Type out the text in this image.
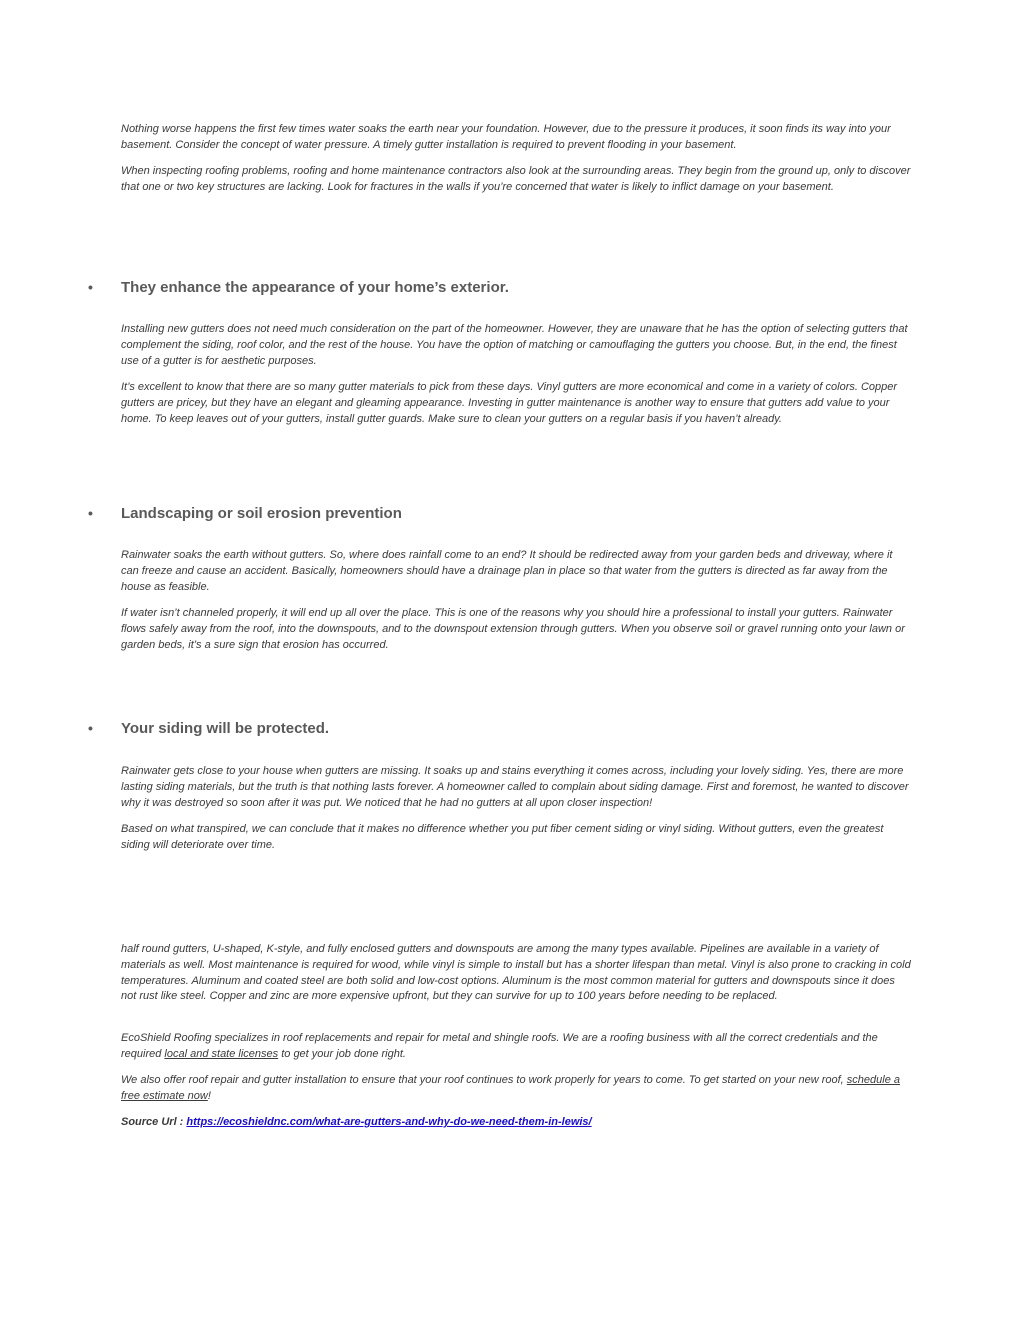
Nothing worse happens the first few times water soaks the earth near your foundation. However, due to the pressure it produces, it soon finds its way into your basement. Consider the concept of water pressure. A timely gutter installation is required to prevent flooding in your basement.

When inspecting roofing problems, roofing and home maintenance contractors also look at the surrounding areas. They begin from the ground up, only to discover that one or two key structures are lacking. Look for fractures in the walls if you’re concerned that water is likely to inflict damage on your basement.

• They enhance the appearance of your home’s exterior.

Installing new gutters does not need much consideration on the part of the homeowner. However, they are unaware that he has the option of selecting gutters that complement the siding, roof color, and the rest of the house. You have the option of matching or camouflaging the gutters you choose. But, in the end, the finest use of a gutter is for aesthetic purposes.

It’s excellent to know that there are so many gutter materials to pick from these days. Vinyl gutters are more economical and come in a variety of colors. Copper gutters are pricey, but they have an elegant and gleaming appearance. Investing in gutter maintenance is another way to ensure that gutters add value to your home. To keep leaves out of your gutters, install gutter guards. Make sure to clean your gutters on a regular basis if you haven’t already.

• Landscaping or soil erosion prevention

Rainwater soaks the earth without gutters. So, where does rainfall come to an end? It should be redirected away from your garden beds and driveway, where it can freeze and cause an accident. Basically, homeowners should have a drainage plan in place so that water from the gutters is directed as far away from the house as feasible.

If water isn’t channeled properly, it will end up all over the place. This is one of the reasons why you should hire a professional to install your gutters. Rainwater flows safely away from the roof, into the downspouts, and to the downspout extension through gutters. When you observe soil or gravel running onto your lawn or garden beds, it’s a sure sign that erosion has occurred.

• Your siding will be protected.

Rainwater gets close to your house when gutters are missing. It soaks up and stains everything it comes across, including your lovely siding. Yes, there are more lasting siding materials, but the truth is that nothing lasts forever. A homeowner called to complain about siding damage. First and foremost, he wanted to discover why it was destroyed so soon after it was put. We noticed that he had no gutters at all upon closer inspection!

Based on what transpired, we can conclude that it makes no difference whether you put fiber cement siding or vinyl siding. Without gutters, even the greatest siding will deteriorate over time.

half round gutters, U-shaped, K-style, and fully enclosed gutters and downspouts are among the many types available. Pipelines are available in a variety of materials as well. Most maintenance is required for wood, while vinyl is simple to install but has a shorter lifespan than metal. Vinyl is also prone to cracking in cold temperatures. Aluminum and coated steel are both solid and low-cost options. Aluminum is the most common material for gutters and downspouts since it does not rust like steel. Copper and zinc are more expensive upfront, but they can survive for up to 100 years before needing to be replaced.

EcoShield Roofing specializes in roof replacements and repair for metal and shingle roofs. We are a roofing business with all the correct credentials and the required local and state licenses to get your job done right.

We also offer roof repair and gutter installation to ensure that your roof continues to work properly for years to come. To get started on your new roof, schedule a free estimate now!

Source Url : https://ecoshieldnc.com/what-are-gutters-and-why-do-we-need-them-in-lewis/
